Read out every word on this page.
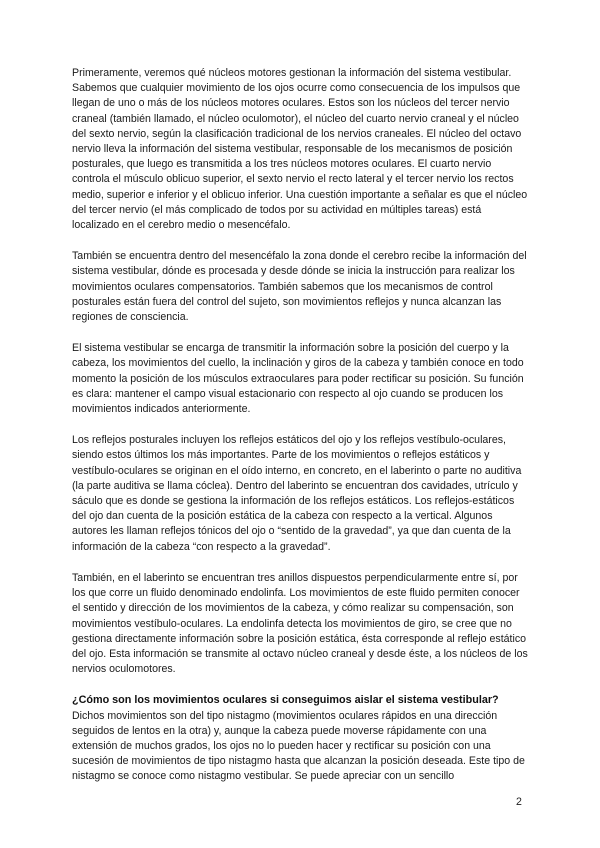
Primeramente, veremos qué núcleos motores gestionan la información del sistema vestibular. Sabemos que cualquier movimiento de los ojos ocurre como consecuencia de los impulsos que llegan de uno o más de los núcleos motores oculares. Estos son los núcleos del tercer nervio craneal (también llamado, el núcleo oculomotor), el núcleo del cuarto nervio craneal y el núcleo del sexto nervio, según la clasificación tradicional de los nervios craneales. El núcleo del octavo nervio lleva la información del sistema vestibular, responsable de los mecanismos de posición posturales, que luego es transmitida a los tres núcleos motores oculares. El cuarto nervio controla el músculo oblicuo superior, el sexto nervio el recto lateral y el tercer nervio los rectos medio, superior e inferior y el oblicuo inferior. Una cuestión importante a señalar es que el núcleo del tercer nervio (el más complicado de todos por su actividad en múltiples tareas) está localizado en el cerebro medio o mesencéfalo.

También se encuentra dentro del mesencéfalo la zona donde el cerebro recibe la información del sistema vestibular, dónde es procesada y desde dónde se inicia la instrucción para realizar los movimientos oculares compensatorios. También sabemos que los mecanismos de control posturales están fuera del control del sujeto, son movimientos reflejos y nunca alcanzan las regiones de consciencia.

El sistema vestibular se encarga de transmitir la información sobre la posición del cuerpo y la cabeza, los movimientos del cuello, la inclinación y giros de la cabeza y también conoce en todo momento la posición de los músculos extraoculares para poder rectificar su posición. Su función es clara: mantener el campo visual estacionario con respecto al ojo cuando se producen los movimientos indicados anteriormente.

Los reflejos posturales incluyen los reflejos estáticos del ojo y los reflejos vestíbulo-oculares, siendo estos últimos los más importantes. Parte de los movimientos o reflejos estáticos y vestíbulo-oculares se originan en el oído interno, en concreto, en el laberinto o parte no auditiva (la parte auditiva se llama cóclea). Dentro del laberinto se encuentran dos cavidades, utrículo y sáculo que es donde se gestiona la información de los reflejos estáticos. Los reflejos-estáticos del ojo dan cuenta de la posición estática de la cabeza con respecto a la vertical. Algunos autores les llaman reflejos tónicos del ojo o “sentido de la gravedad”, ya que dan cuenta de la información de la cabeza “con respecto a la gravedad”.

También, en el laberinto se encuentran tres anillos dispuestos perpendicularmente entre sí, por los que corre un fluido denominado endolinfa. Los movimientos de este fluido permiten conocer el sentido y dirección de los movimientos de la cabeza, y cómo realizar su compensación, son movimientos vestíbulo-oculares. La endolinfa detecta los movimientos de giro, se cree que no gestiona directamente información sobre la posición estática, ésta corresponde al reflejo estático del ojo. Esta información se transmite al octavo núcleo craneal y desde éste, a los núcleos de los nervios oculomotores.

¿Cómo son los movimientos oculares si conseguimos aislar el sistema vestibular?

Dichos movimientos son del tipo nistagmo (movimientos oculares rápidos en una dirección seguidos de lentos en la otra) y, aunque la cabeza puede moverse rápidamente con una extensión de muchos grados, los ojos no lo pueden hacer y rectificar su posición con una sucesión de movimientos de tipo nistagmo hasta que alcanzan la posición deseada. Este tipo de nistagmo se conoce como nistagmo vestibular. Se puede apreciar con un sencillo

2
